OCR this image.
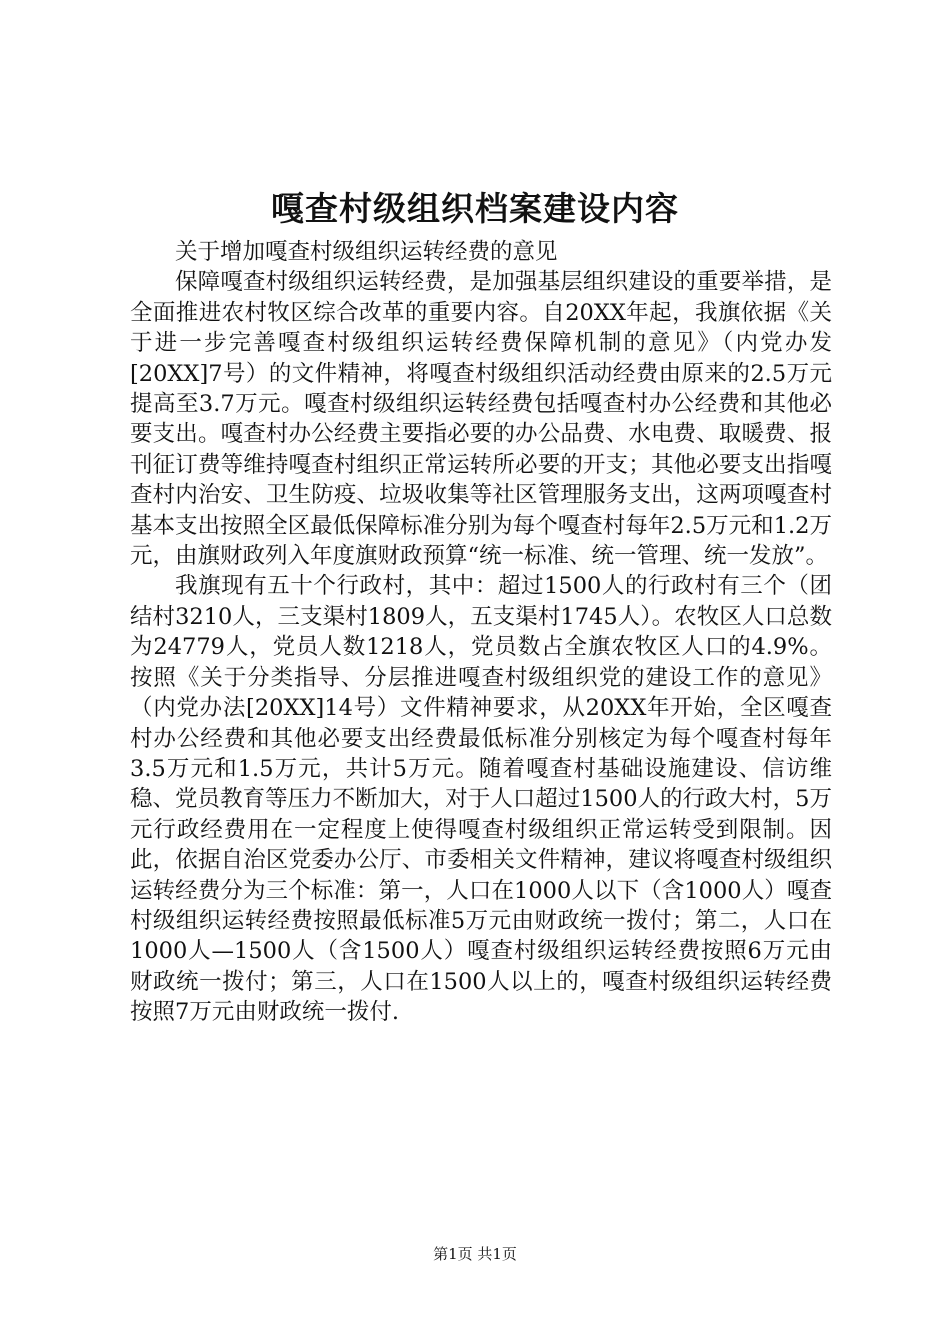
嘎查村级组织档案建设内容

关于增加嘎查村级组织运转经费的意见

保障嘎查村级组织运转经费，是加强基层组织建设的重要举措，是全面推进农村牧区综合改革的重要内容。自20XX年起，我旗依据《关于进一步完善嘎查村级组织运转经费保障机制的意见》（内党办发[20XX]7号）的文件精神，将嘎查村级组织活动经费由原来的2.5万元提高至3.7万元。嘎查村级组织运转经费包括嘎查村办公经费和其他必要支出。嘎查村办公经费主要指必要的办公品费、水电费、取暖费、报刊征订费等维持嘎查村组织正常运转所必要的开支；其他必要支出指嘎查村内治安、卫生防疫、垃圾收集等社区管理服务支出，这两项嘎查村基本支出按照全区最低保障标准分别为每个嘎查村每年2.5万元和1.2万元，由旗财政列入年度旗财政预算“统一标准、统一管理、统一发放”。

我旗现有五十个行政村，其中：超过1500人的行政村有三个（团结村3210人，三支渠村1809人，五支渠村1745人）。农牧区人口总数为24779人，党员人数1218人，党员数占全旗农牧区人口的4.9%。按照《关于分类指导、分层推进嘎查村级组织党的建设工作的意见》（内党办法[20XX]14号）文件精神要求，从20XX年开始，全区嘎查村办公经费和其他必要支出经费最低标准分别核定为每个嘎查村每年3.5万元和1.5万元，共计5万元。随着嘎查村基础设施建设、信访维稳、党员教育等压力不断加大，对于人口超过1500人的行政大村，5万元行政经费用在一定程度上使得嘎查村级组织正常运转受到限制。因此，依据自治区党委办公厅、市委相关文件精神，建议将嘎查村级组织运转经费分为三个标准：第一，人口在1000人以下（含1000人）嘎查村级组织运转经费按照最低标准5万元由财政统一拨付；第二，人口在1000人—1500人（含1500人）嘎查村级组织运转经费按照6万元由财政统一拨付；第三，人口在1500人以上的，嘎查村级组织运转经费按照7万元由财政统一拨付.

第1页 共1页
